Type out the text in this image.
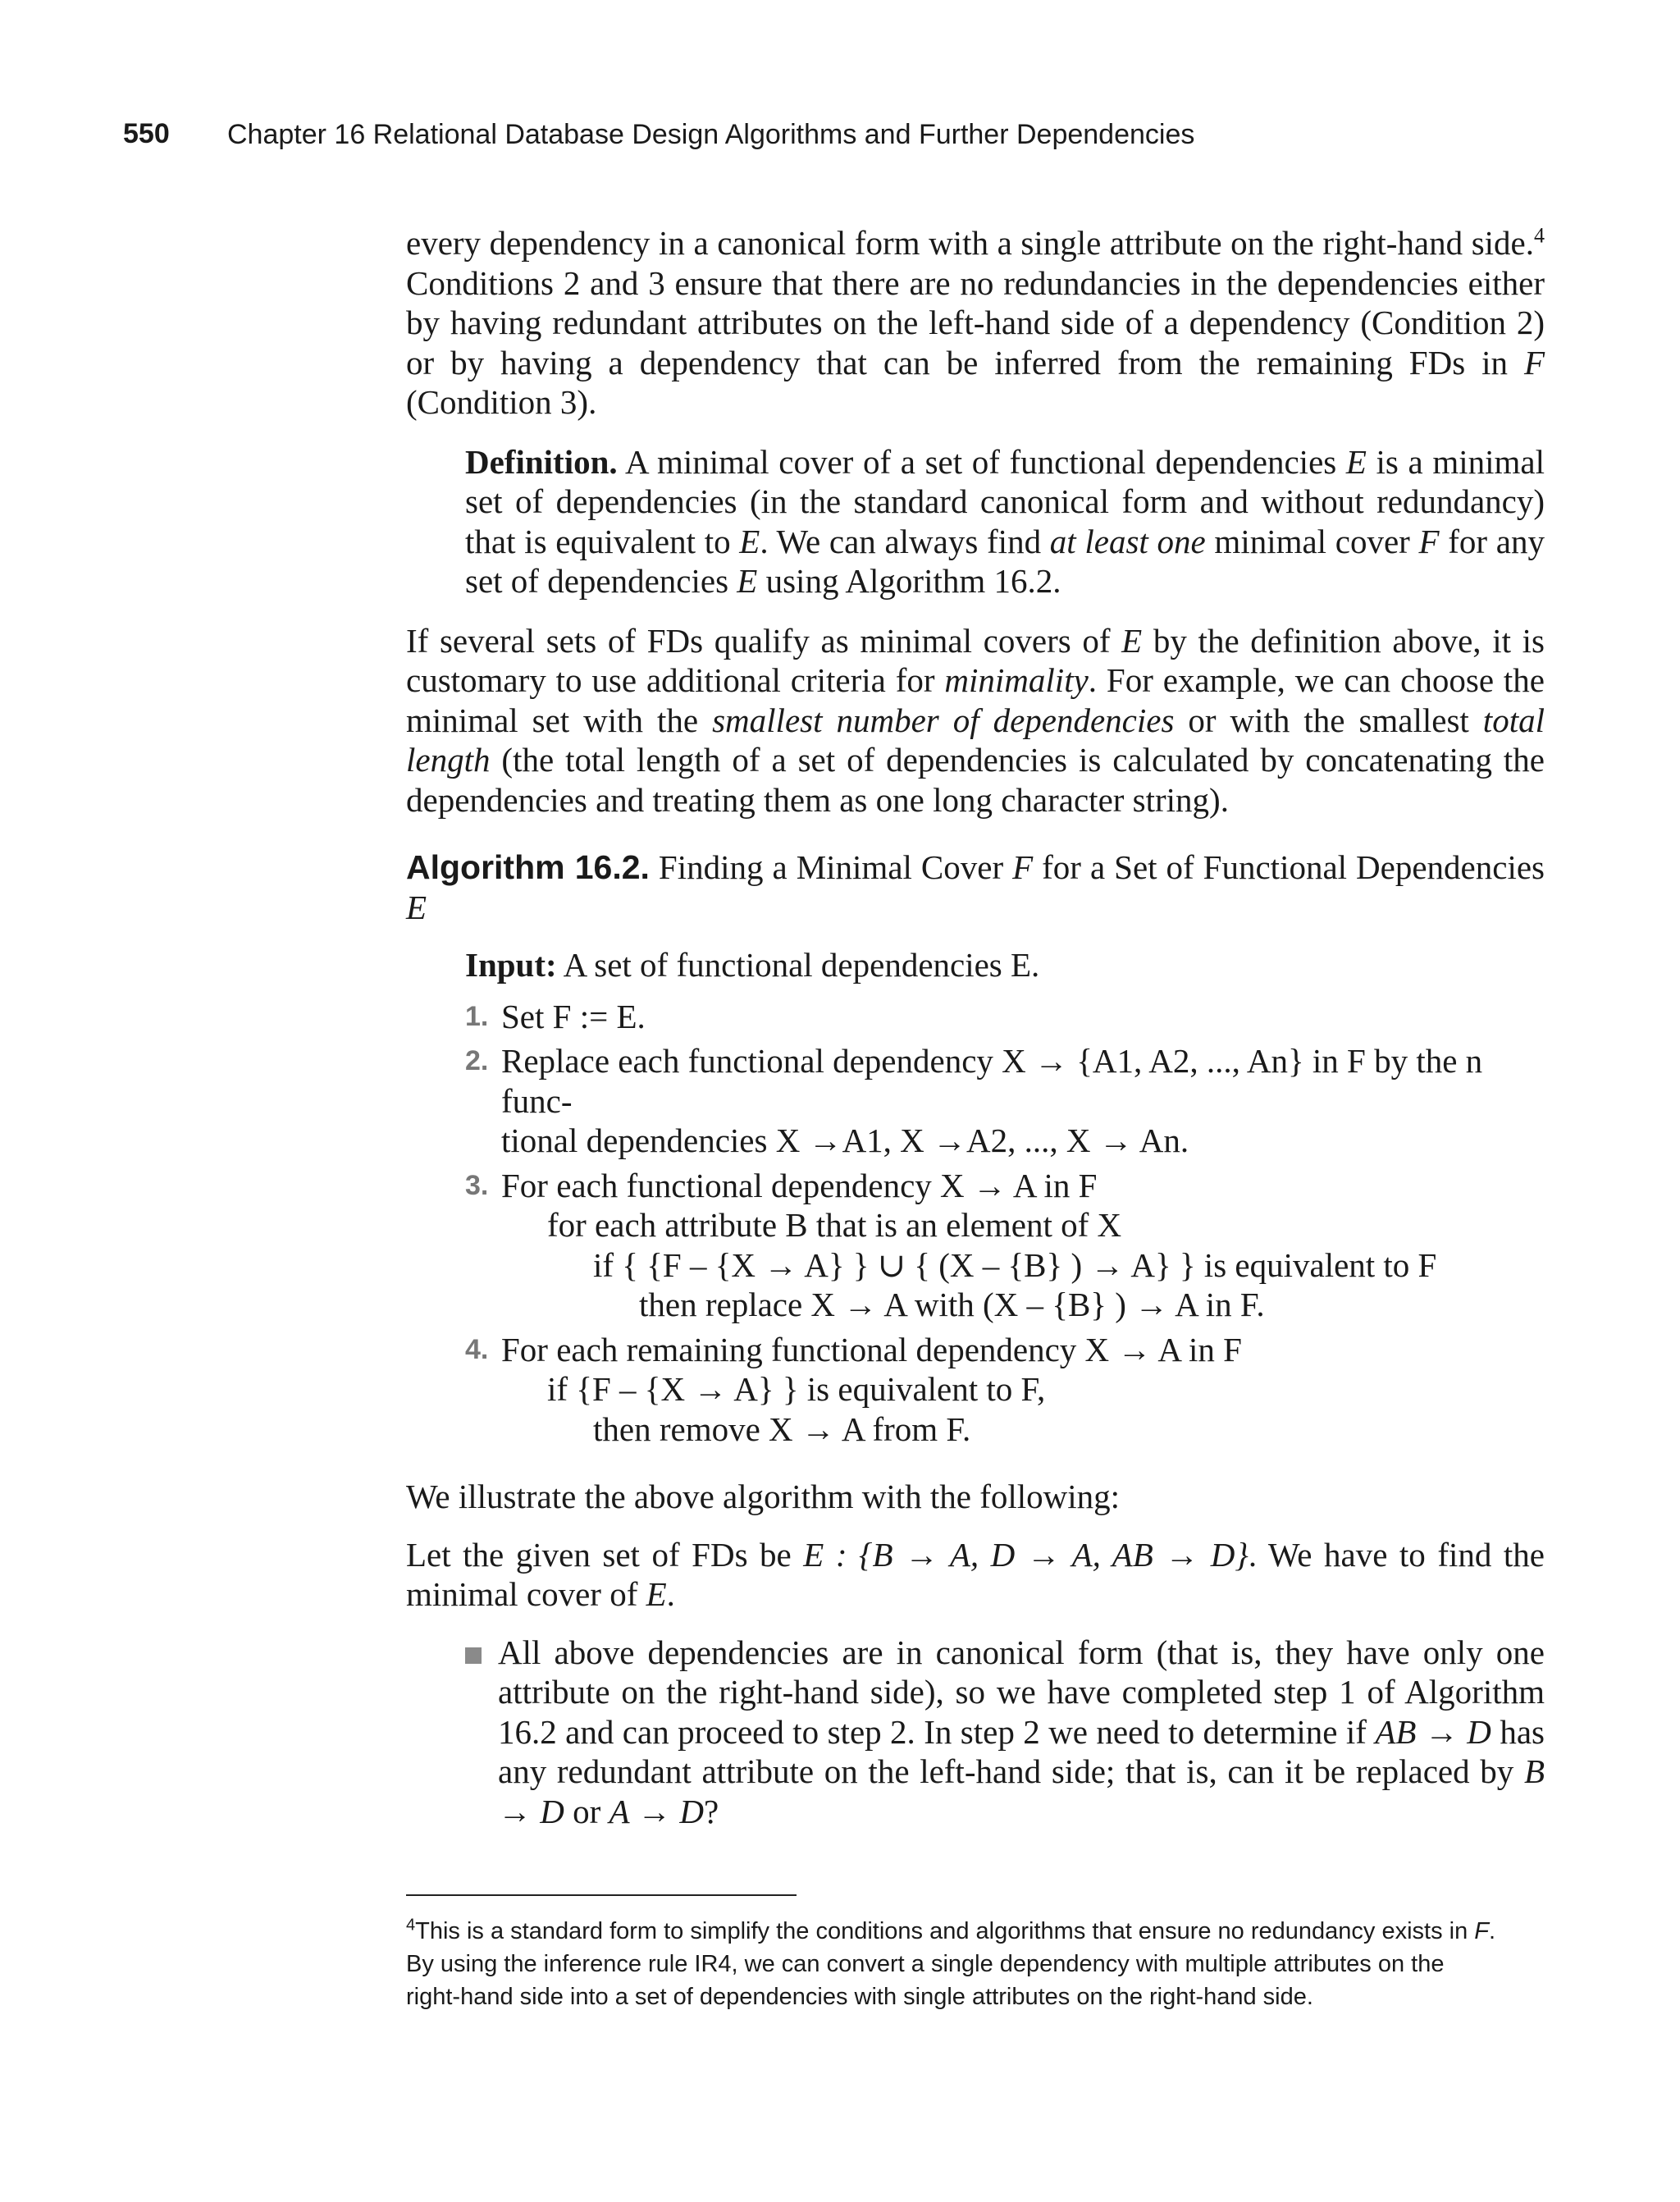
550 Chapter 16 Relational Database Design Algorithms and Further Dependencies

every dependency in a canonical form with a single attribute on the right-hand side.$^4$ Conditions 2 and 3 ensure that there are no redundancies in the dependencies either by having redundant attributes on the left-hand side of a dependency (Condition 2) or by having a dependency that can be inferred from the remaining FDs in F (Condition 3).

Definition. A minimal cover of a set of functional dependencies E is a minimal set of dependencies (in the standard canonical form and without redundancy) that is equivalent to E. We can always find at least one minimal cover F for any set of dependencies E using Algorithm 16.2.

If several sets of FDs qualify as minimal covers of E by the definition above, it is customary to use additional criteria for minimality. For example, we can choose the minimal set with the smallest number of dependencies or with the smallest total length (the total length of a set of dependencies is calculated by concatenating the dependencies and treating them as one long character string).

Algorithm 16.2. Finding a Minimal Cover F for a Set of Functional Dependencies E

Input: A set of functional dependencies E.

1. Set F := E.
2. Replace each functional dependency X → {A1, A2, ..., An} in F by the n func-
tional dependencies X →A1, X →A2, ..., X → An.
3. For each functional dependency X → A in F
for each attribute B that is an element of X
if { {F – {X → A} } ∪ { (X – {B} ) → A} } is equivalent to F
then replace X → A with (X – {B} ) → A in F.
4. For each remaining functional dependency X → A in F
if {F – {X → A} } is equivalent to F,
then remove X → A from F.

We illustrate the above algorithm with the following:

Let the given set of FDs be E : {B → A, D → A, AB → D}. We have to find the minimal cover of E.

All above dependencies are in canonical form (that is, they have only one attribute on the right-hand side), so we have completed step 1 of Algorithm 16.2 and can proceed to step 2. In step 2 we need to determine if AB → D has any redundant attribute on the left-hand side; that is, can it be replaced by B → D or A → D?

$^4$This is a standard form to simplify the conditions and algorithms that ensure no redundancy exists in F.

By using the inference rule IR4, we can convert a single dependency with multiple attributes on the

right-hand side into a set of dependencies with single attributes on the right-hand side.
